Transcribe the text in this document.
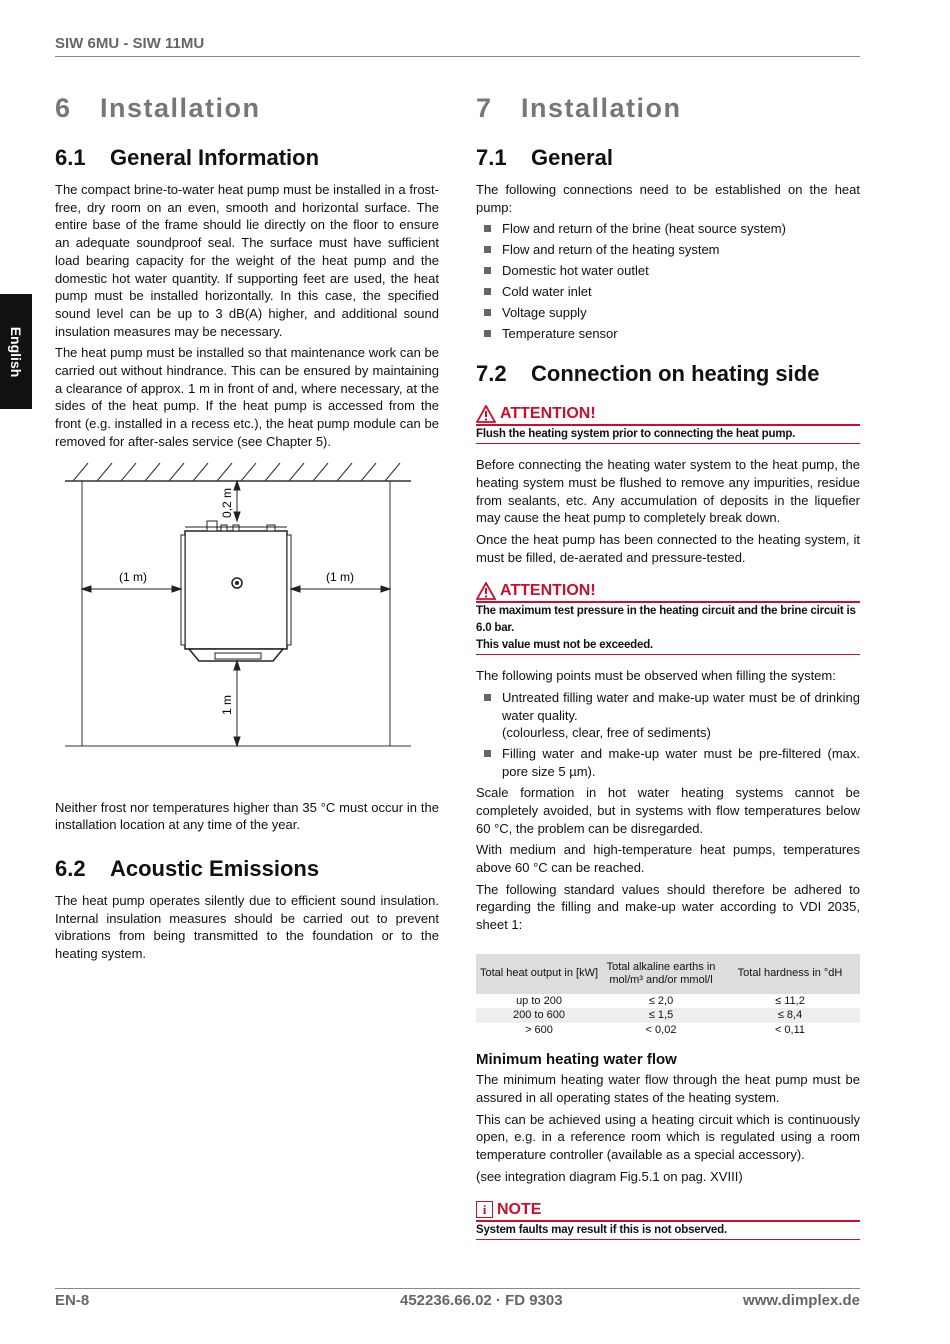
SIW 6MU - SIW 11MU
English
6 Installation
6.1 General Information

The compact brine-to-water heat pump must be installed in a frost-free, dry room on an even, smooth and horizontal surface. The entire base of the frame should lie directly on the floor to ensure an adequate soundproof seal. The surface must have sufficient load bearing capacity for the weight of the heat pump and the domestic hot water quantity. If supporting feet are used, the heat pump must be installed horizontally. In this case, the specified sound level can be up to 3 dB(A) higher, and additional sound insulation measures may be necessary.

The heat pump must be installed so that maintenance work can be carried out without hindrance. This can be ensured by maintaining a clearance of approx. 1 m in front of and, where necessary, at the sides of the heat pump. If the heat pump is accessed from the front (e.g. installed in a recess etc.), the heat pump module can be removed for after-sales service (see Chapter 5).

(1 m)	(1 m)
0,2 m
1 m

Neither frost nor temperatures higher than 35 °C must occur in the installation location at any time of the year.

6.2 Acoustic Emissions

The heat pump operates silently due to efficient sound insulation. Internal insulation measures should be carried out to prevent vibrations from being transmitted to the foundation or to the heating system.

7 Installation
7.1 General

The following connections need to be established on the heat pump:

Flow and return of the brine (heat source system)
Flow and return of the heating system
Domestic hot water outlet
Cold water inlet
Voltage supply
Temperature sensor
7.2 Connection on heating side
ATTENTION!
Flush the heating system prior to connecting the heat pump.

Before connecting the heating water system to the heat pump, the heating system must be flushed to remove any impurities, residue from sealants, etc. Any accumulation of deposits in the liquefier may cause the heat pump to completely break down.

Once the heat pump has been connected to the heating system, it must be filled, de-aerated and pressure-tested.

ATTENTION!
The maximum test pressure in the heating circuit and the brine circuit is 6.0 bar.
This value must not be exceeded.

The following points must be observed when filling the system:

Untreated filling water and make-up water must be of drinking water quality.
(colourless, clear, free of sediments)
Filling water and make-up water must be pre-filtered (max. pore size 5 µm).

Scale formation in hot water heating systems cannot be completely avoided, but in systems with flow temperatures below 60 °C, the problem can be disregarded.

With medium and high-temperature heat pumps, temperatures above 60 °C can be reached.

The following standard values should therefore be adhered to regarding the filling and make-up water according to VDI 2035, sheet 1:

Total heat output in [kW]	Total alkaline earths in mol/m³ and/or mmol/l	Total hardness in °dH
up to 200	≤ 2,0	≤ 11,2
200 to 600	≤ 1,5	≤ 8,4
> 600	< 0,02	< 0,11
Minimum heating water flow

The minimum heating water flow through the heat pump must be assured in all operating states of the heating system.

This can be achieved using a heating circuit which is continuously open, e.g. in a reference room which is regulated using a room temperature controller (available as a special accessory).

(see integration diagram Fig.5.1 on pag. XVIII)

i NOTE
System faults may result if this is not observed.
EN-8	452236.66.02 · FD 9303	www.dimplex.de
